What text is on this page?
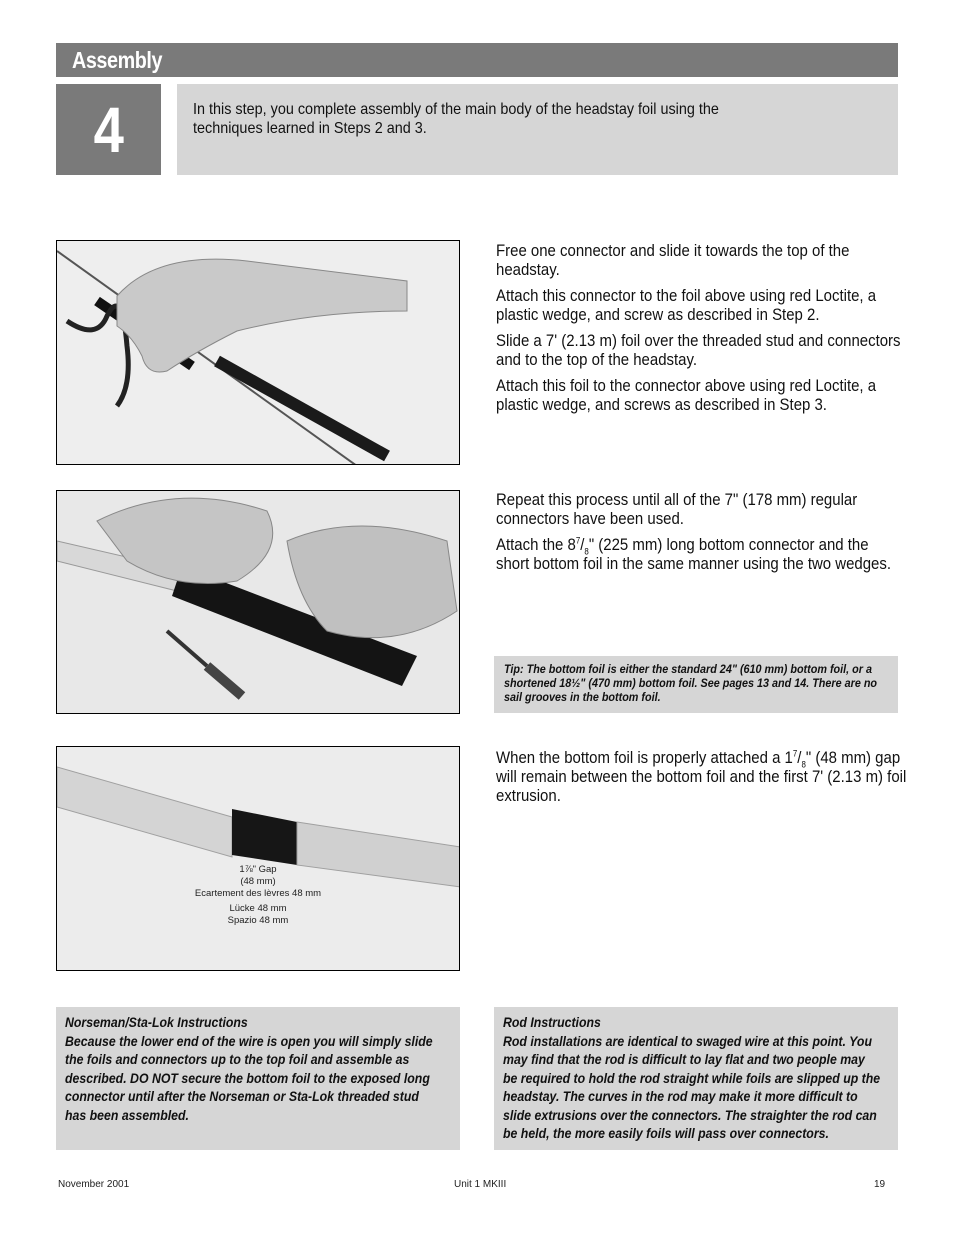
Assembly
4	In this step, you complete assembly of the main body of the headstay foil using the techniques learned in Steps 2 and 3.

Free one connector and slide it towards the top of the headstay.

Attach this connector to the foil above using red Loctite, a plastic wedge, and screw as described in Step 2.

Slide a 7' (2.13 m) foil over the threaded stud and connectors and to the top of the headstay.

Attach this foil to the connector above using red Loctite, a plastic wedge, and screws as described in Step 3.

Repeat this process until all of the 7" (178 mm) regular connectors have been used.

Attach the $8^7/_8$" (225 mm) long bottom connector and the short bottom foil in the same manner using the two wedges.

Tip: The bottom foil is either the standard 24" (610 mm) bottom foil, or a shortened 18½" (470 mm) bottom foil. See pages 13 and 14. There are no sail grooves in the bottom foil.
1⅞" Gap
(48 mm)
Ecartement des lèvres 48 mm
Lücke 48 mm
Spazio 48 mm

When the bottom foil is properly attached a $1^7/_8$" (48 mm) gap will remain between the bottom foil and the first 7' (2.13 m) foil extrusion.

Norseman/Sta-Lok Instructions
Because the lower end of the wire is open you will simply slide the foils and connectors up to the top foil and assemble as described. DO NOT secure the bottom foil to the exposed long connector until after the Norseman or Sta-Lok threaded stud has been assembled.
Rod Instructions
Rod installations are identical to swaged wire at this point. You may find that the rod is difficult to lay flat and two people may be required to hold the rod straight while foils are slipped up the headstay. The curves in the rod may make it more difficult to slide extrusions over the connectors. The straighter the rod can be held, the more easily foils will pass over connectors.
November 2001	Unit 1 MKIII	19
